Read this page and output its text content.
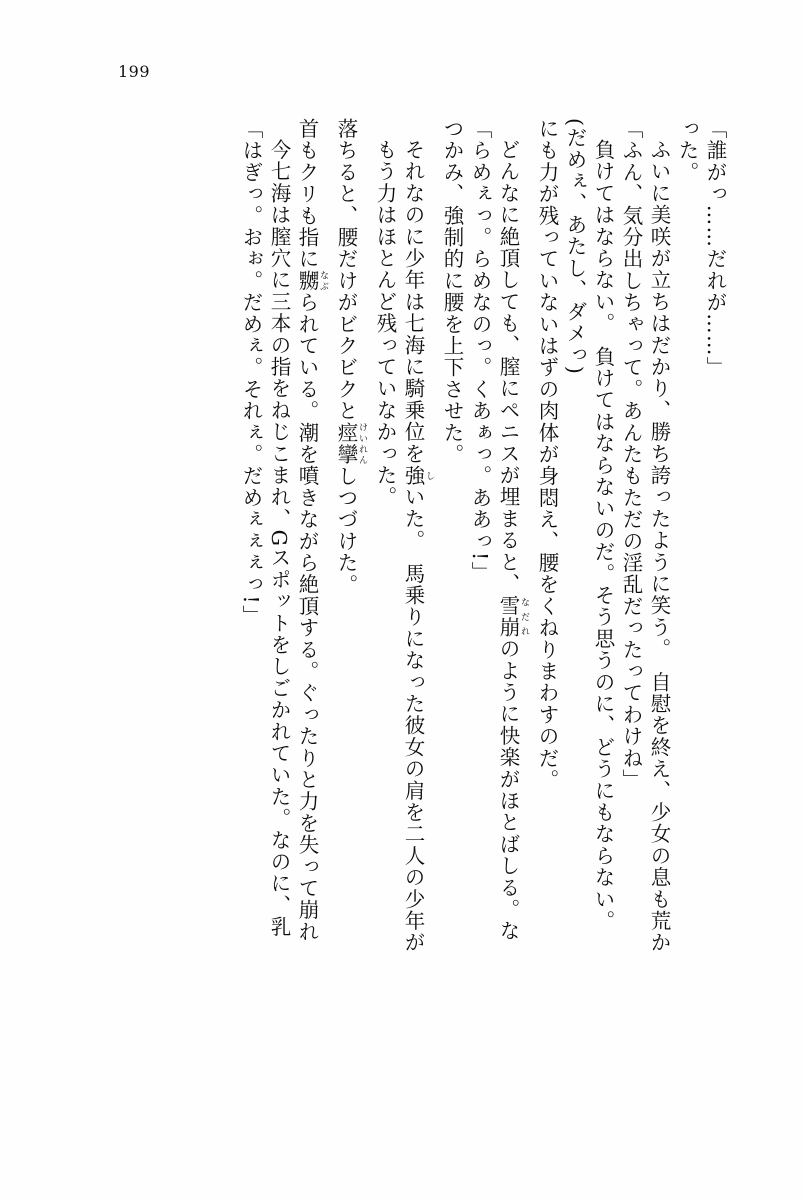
199
「はぎっ。おぉ。だめぇ。それぇ。だめぇぇぇっ!」 今七海は膣穴に三本の指をねじこまれ、Gスポットをしごかれていた。なのに、乳 首もクリも指に嬲 なぶられている。潮を噴きながら絶頂する。ぐったりと力を失って崩れ
落ちると、腰だけがビクビクと痙攣 けいれんしつづけた。
もう力はほとんど残っていなかった。 それなのに少年は七海に騎乗位を強 しいた。　馬乗りになった彼女の肩を二人の少年が
つかみ、強制的に腰を上下させた。 「らめぇっ。らめなのっ。くあぁっ。ああっ!」 どんなに絶頂しても、膣にペニスが埋まると、雪崩 なだれのように快楽がほとばしる。な にも力が残っていないはずの肉体が身悶え、腰をくねりまわすのだ。 (だめぇ、あたし、ダメっ) 負けてはならない。　負けてはならないのだ。そう思うのに、どうにもならない。 「ふん、気分出しちゃって。あんたもただの淫乱だったってわけね」 ふいに美咲が立ちはだかり、勝ち誇ったように笑う。　自慰を終え、少女の息も荒か った。 「誰がっ……だれが……」
